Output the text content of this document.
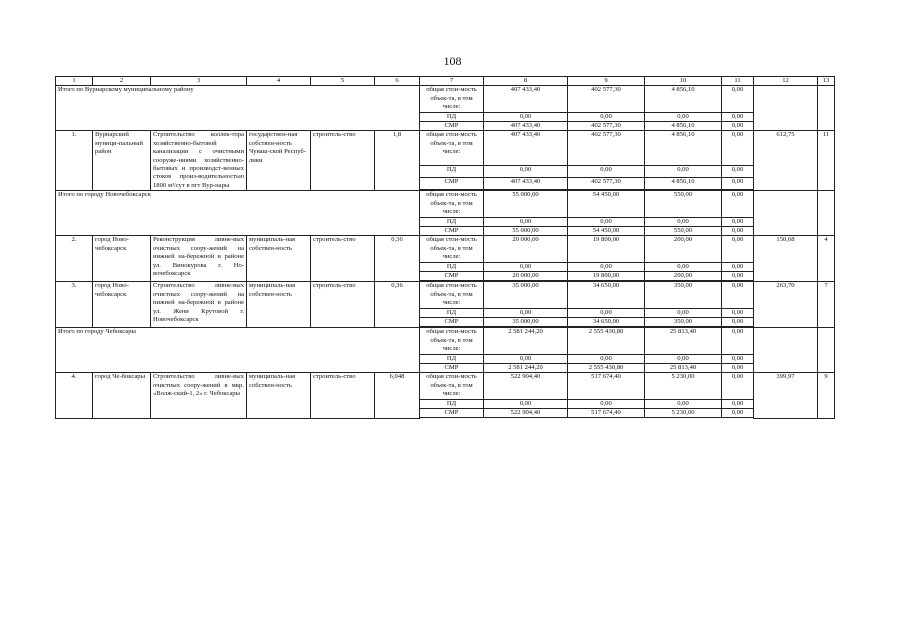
108
1	2	3	4	5	6	7	8	9	10	11	12	13
Итого по Вурнарскому муниципальному району						общая стои-мость объек-та, в том числе:	407 433,40	402 577,30	4 856,10	0,00		
						ПД	0,00	0,00	0,00	0,00		
						СМР	407 433,40	402 577,30	4 856,10	0,00		
1.	Вурнарский муници-пальный район	Строительство коллек-тора хозяйственно-бытовой канализации с очистными сооруже-ниями хозяйственно-бытовых и производст-венных стоков произ-водительностью 1800 м³/сут в пгт Вур-нары	государствен-ная собствен-ность Чуваш-ской Респуб-лики	строитель-ство	1,8	общая стои-мость объек-та, в том числе:	407 433,40	402 577,30	4 856,10	0,00	612,75	11
						ПД	0,00	0,00	0,00	0,00		
						СМР	407 433,40	402 577,30	4 856,10	0,00		

Итого по городу Новочебоксарск						общая стои-мость объек-та, в том числе:	55 000,00	54 450,00	550,00	0,00		
						ПД	0,00	0,00	0,00	0,00		
						СМР	55 000,00	54 450,00	550,00	0,00		
2.	город Ново-чебоксарск	Реконструкция ливне-вых очистных соору-жений на нижней на-бережной в районе ул. Винокурова г. Но-вочебоксарск	муниципаль-ная собствен-ность	строитель-ство	0,36	общая стои-мость объек-та, в том числе:	20 000,00	19 800,00	200,00	0,00	150,68	4
						ПД	0,00	0,00	0,00	0,00		
						СМР	20 000,00	19 800,00	200,00	0,00		

3.	город Ново-чебоксарск	Строительство ливне-вых очистных соору-жений на нижней на-бережной в районе ул. Жени Крутовой г. Новочебоксарск	муниципаль-ная собствен-ность	строитель-ство	0,36	общая стои-мость объек-та, в том числе:	35 000,00	34 650,00	350,00	0,00	263,70	7
						ПД	0,00	0,00	0,00	0,00		
						СМР	35 000,00	34 650,00	350,00	0,00		

Итого по городу Чебоксары						общая стои-мость объек-та, в том числе:	2 581 244,20	2 555 430,80	25 813,40	0,00		
						ПД	0,00	0,00	0,00	0,00		
						СМР	2 581 244,20	2 555 430,80	25 813,40	0,00		
4.	город Че-боксары	Строительство ливне-вых очистных соору-жений в мкр. «Волж-ский-1, 2» г. Чебоксары	муниципаль-ная собствен-ность	строитель-ство	6,048	общая стои-мость объек-та, в том числе:	522 904,40	517 674,40	5 230,00	0,00	399,97	9
						ПД	0,00	0,00	0,00	0,00		
						СМР	522 904,40	517 674,40	5 230,00	0,00		
